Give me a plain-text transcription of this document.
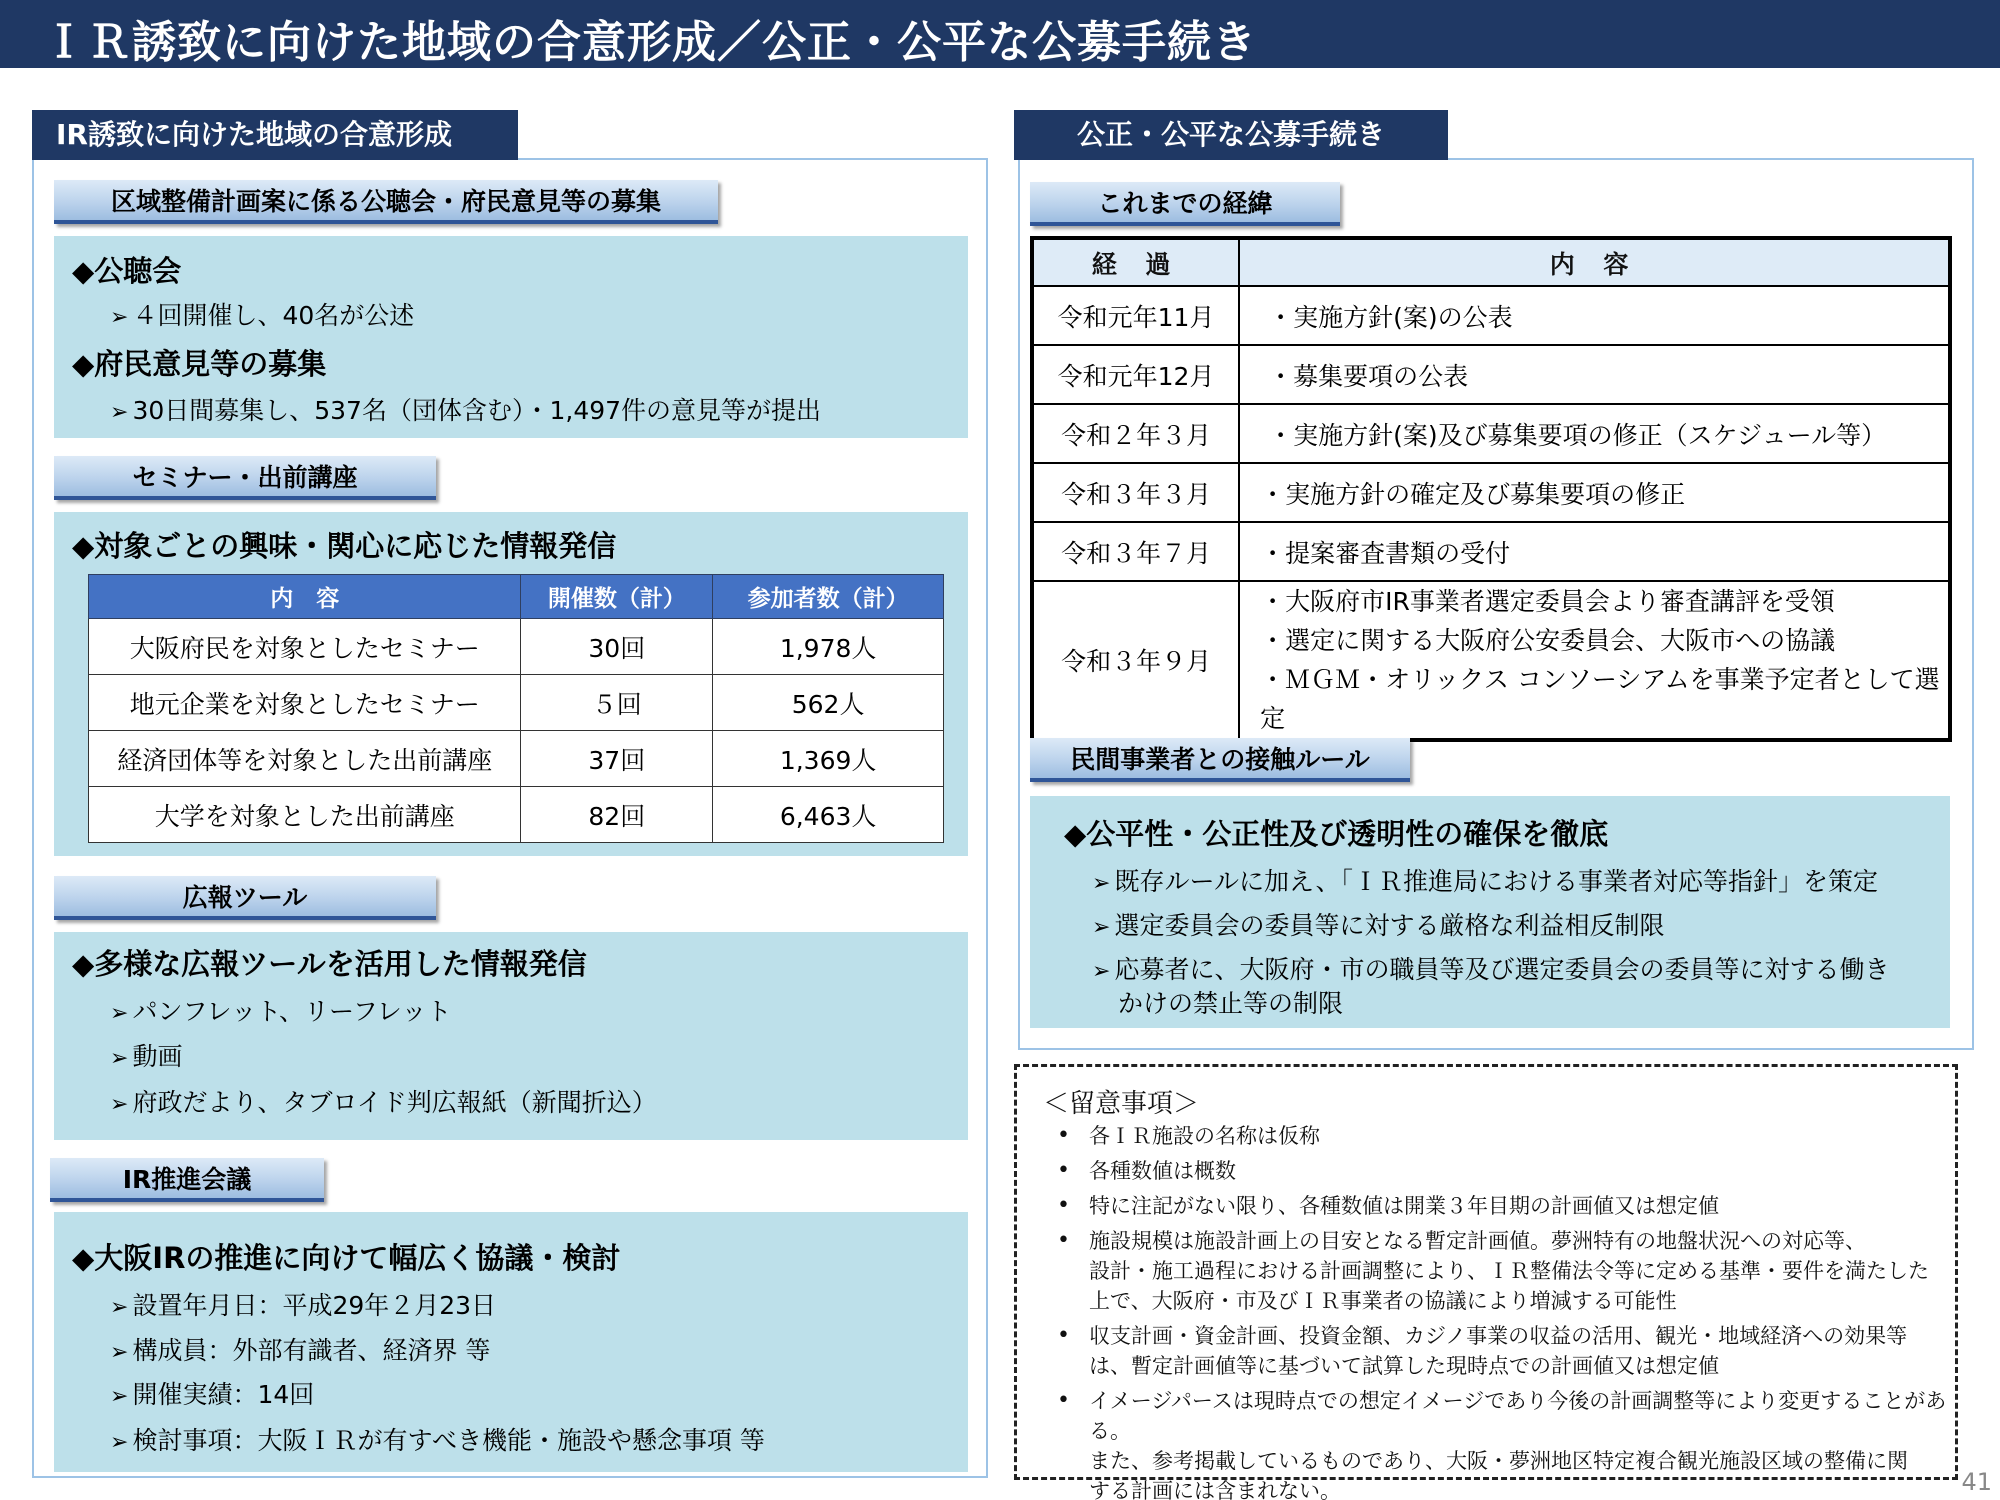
ＩＲ誘致に向けた地域の合意形成／公正・公平な公募手続き
IR誘致に向けた地域の合意形成
区域整備計画案に係る公聴会・府民意見等の募集
◆公聴会
➢ ４回開催し、40名が公述
◆府民意見等の募集
➢ 30日間募集し、537名（団体含む）・1,497件の意見等が提出
セミナー・出前講座
◆対象ごとの興味・関心に応じた情報発信
内　容	開催数（計）	参加者数（計）
大阪府民を対象としたセミナー	30回	1,978人
地元企業を対象としたセミナー	５回	562人
経済団体等を対象とした出前講座	37回	1,369人
大学を対象とした出前講座	82回	6,463人
広報ツール
◆多様な広報ツールを活用した情報発信
➢ パンフレット、リーフレット
➢ 動画
➢ 府政だより、タブロイド判広報紙（新聞折込）
IR推進会議
◆大阪IRの推進に向けて幅広く協議・検討
➢ 設置年月日：平成29年２月23日
➢ 構成員：外部有識者、経済界 等
➢ 開催実績：14回
➢ 検討事項：大阪ＩＲが有すべき機能・施設や懸念事項 等
公正・公平な公募手続き
これまでの経緯
経 過	内 容
令和元年11月	・実施方針(案)の公表
令和元年12月	・募集要項の公表
令和２年３月	・実施方針(案)及び募集要項の修正（スケジュール等）
令和３年３月	・実施方針の確定及び募集要項の修正
令和３年７月	・提案審査書類の受付
令和３年９月	・大阪府市IR事業者選定委員会より審査講評を受領
・選定に関する大阪府公安委員会、大阪市への協議
・ＭＧＭ・オリックス コンソーシアムを事業予定者として選定
民間事業者との接触ルール
◆公平性・公正性及び透明性の確保を徹底
➢ 既存ルールに加え、「ＩＲ推進局における事業者対応等指針」を策定
➢ 選定委員会の委員等に対する厳格な利益相反制限
➢ 応募者に、大阪府・市の職員等及び選定委員会の委員等に対する働き
かけの禁止等の制限
＜留意事項＞
• 各ＩＲ施設の名称は仮称
• 各種数値は概数
• 特に注記がない限り、各種数値は開業３年目期の計画値又は想定値
• 施設規模は施設計画上の目安となる暫定計画値。夢洲特有の地盤状況への対応等、
設計・施工過程における計画調整により、ＩＲ整備法令等に定める基準・要件を満たした
上で、大阪府・市及びＩＲ事業者の協議により増減する可能性
• 収支計画・資金計画、投資金額、カジノ事業の収益の活用、観光・地域経済への効果等
は、暫定計画値等に基づいて試算した現時点での計画値又は想定値
• イメージパースは現時点での想定イメージであり今後の計画調整等により変更することがある。
また、参考掲載しているものであり、大阪・夢洲地区特定複合観光施設区域の整備に関
する計画には含まれない。	41
